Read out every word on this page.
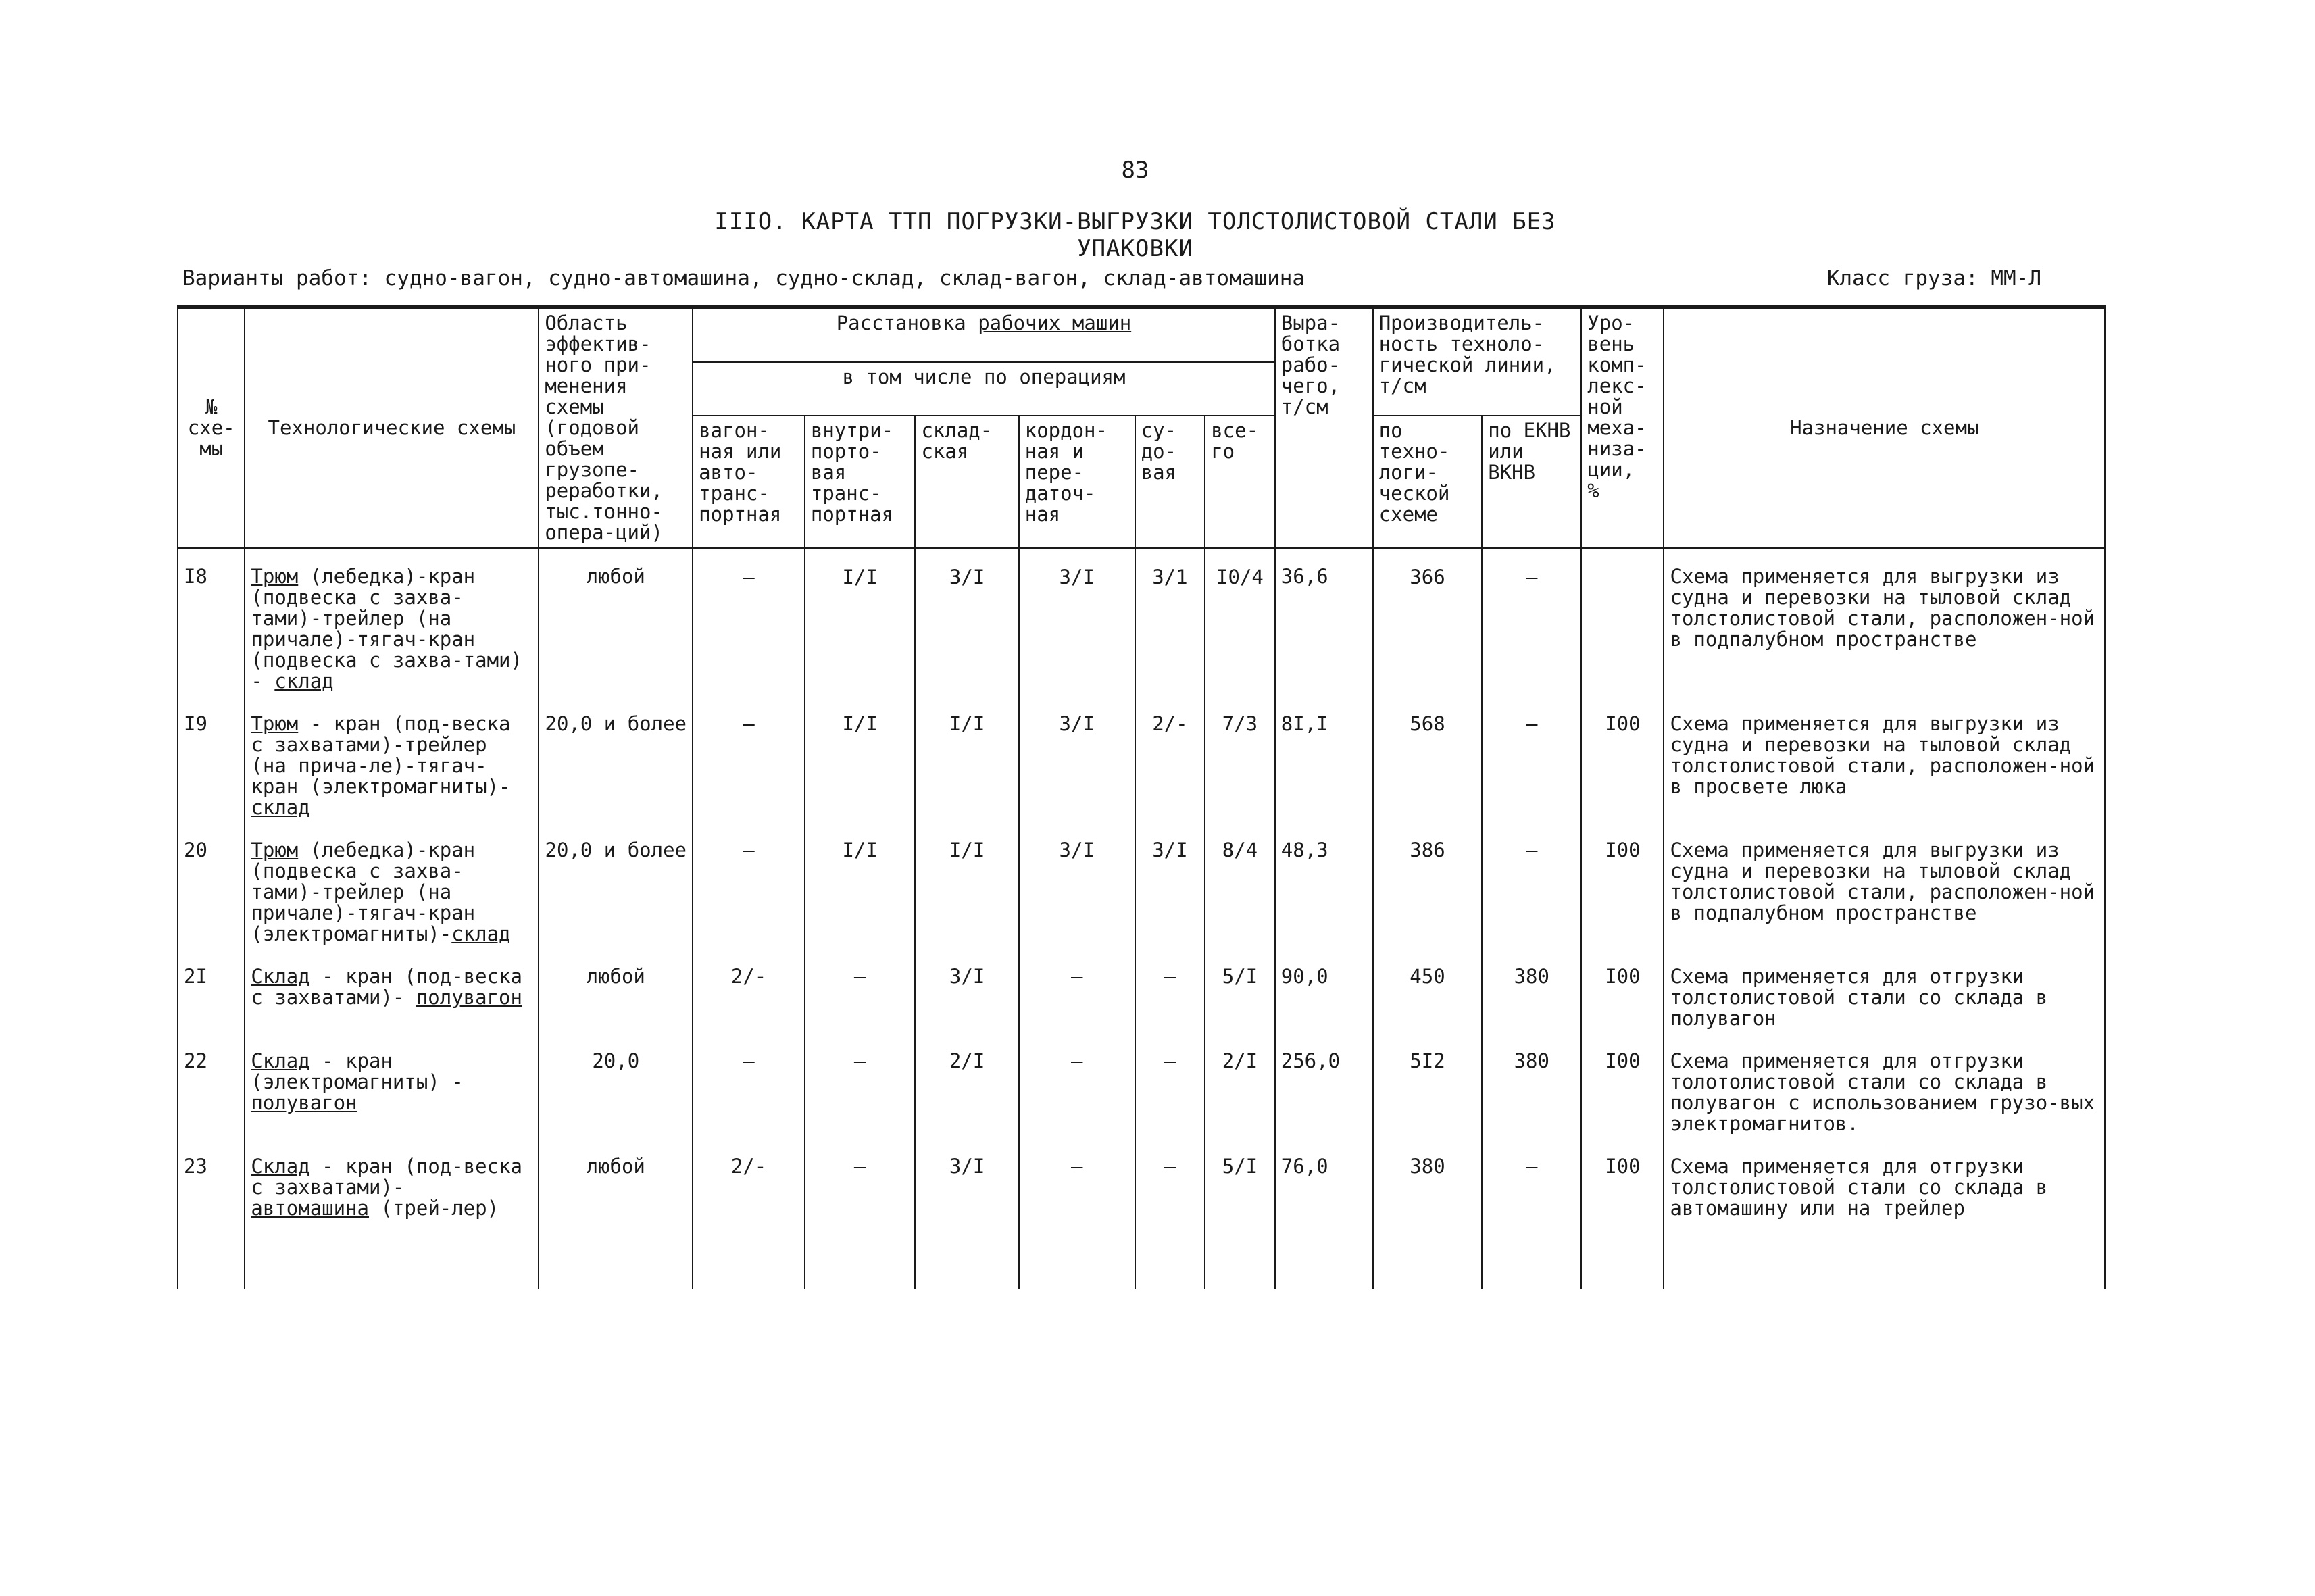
83
IIIO. КАРТА ТТП ПОГРУЗКИ-ВЫГРУЗКИ ТОЛСТОЛИСТОВОЙ СТАЛИ БЕЗ УПАКОВКИ
Варианты работ: судно-вагон, судно-автомашина, судно-склад, склад-вагон, склад-автомашина	Класс груза: ММ-Л
№ схе-мы	Технологические схемы	Область эффектив-ного при-менения схемы (годовой объем грузопе-реработки, тыс.тонно-опера-ций)	Расстановка рабочих машин						Выра-ботка рабо-чего, т/см	Производитель-ность техноло-гической линии, т/см		Уро-вень комп-лекс-ной меха-низа-ции, %	Назначение схемы
			в том числе по операциям										
			вагон-ная или авто-транс-портная	внутри-порто-вая транс-портная	склад-ская	кордон-ная и пере-даточ-ная	су-до-вая	все-го		по техно-логи-ческой схеме	по ЕКНВ или ВКНВ		
I8	Трюм (лебедка)-кран (подвеска с захва-тами)-трейлер (на причале)-тягач-кран (подвеска с захва-тами) - склад	любой	–	I/I	3/I	3/I	3/1	I0/4	36,6	366	–		Схема применяется для выгрузки из судна и перевозки на тыловой склад толстолистовой стали, расположен-ной в подпалубном пространстве
I9	Трюм - кран (под-веска с захватами)-трейлер (на прича-ле)-тягач-кран (электромагниты)- склад	20,0 и более	–	I/I	I/I	3/I	2/-	7/3	8I,I	568	–	I00	Схема применяется для выгрузки из судна и перевозки на тыловой склад толстолистовой стали, расположен-ной в просвете люка
20	Трюм (лебедка)-кран (подвеска с захва-тами)-трейлер (на причале)-тягач-кран (электромагниты)-склад	20,0 и более	–	I/I	I/I	3/I	3/I	8/4	48,3	386	–	I00	Схема применяется для выгрузки из судна и перевозки на тыловой склад толстолистовой стали, расположен-ной в подпалубном пространстве
2I	Склад - кран (под-веска с захватами)- полувагон	любой	2/-	–	3/I	–	–	5/I	90,0	450	380	I00	Схема применяется для отгрузки толстолистовой стали со склада в полувагон
22	Склад - кран (электромагниты) - полувагон	20,0	–	–	2/I	–	–	2/I	256,0	5I2	380	I00	Схема применяется для отгрузки толотолистовой стали со склада в полувагон с использованием грузо-вых электромагнитов.
23	Склад - кран (под-веска с захватами)- автомашина (трей-лер)	любой	2/-	–	3/I	–	–	5/I	76,0	380	–	I00	Схема применяется для отгрузки толстолистовой стали со склада в автомашину или на трейлер
